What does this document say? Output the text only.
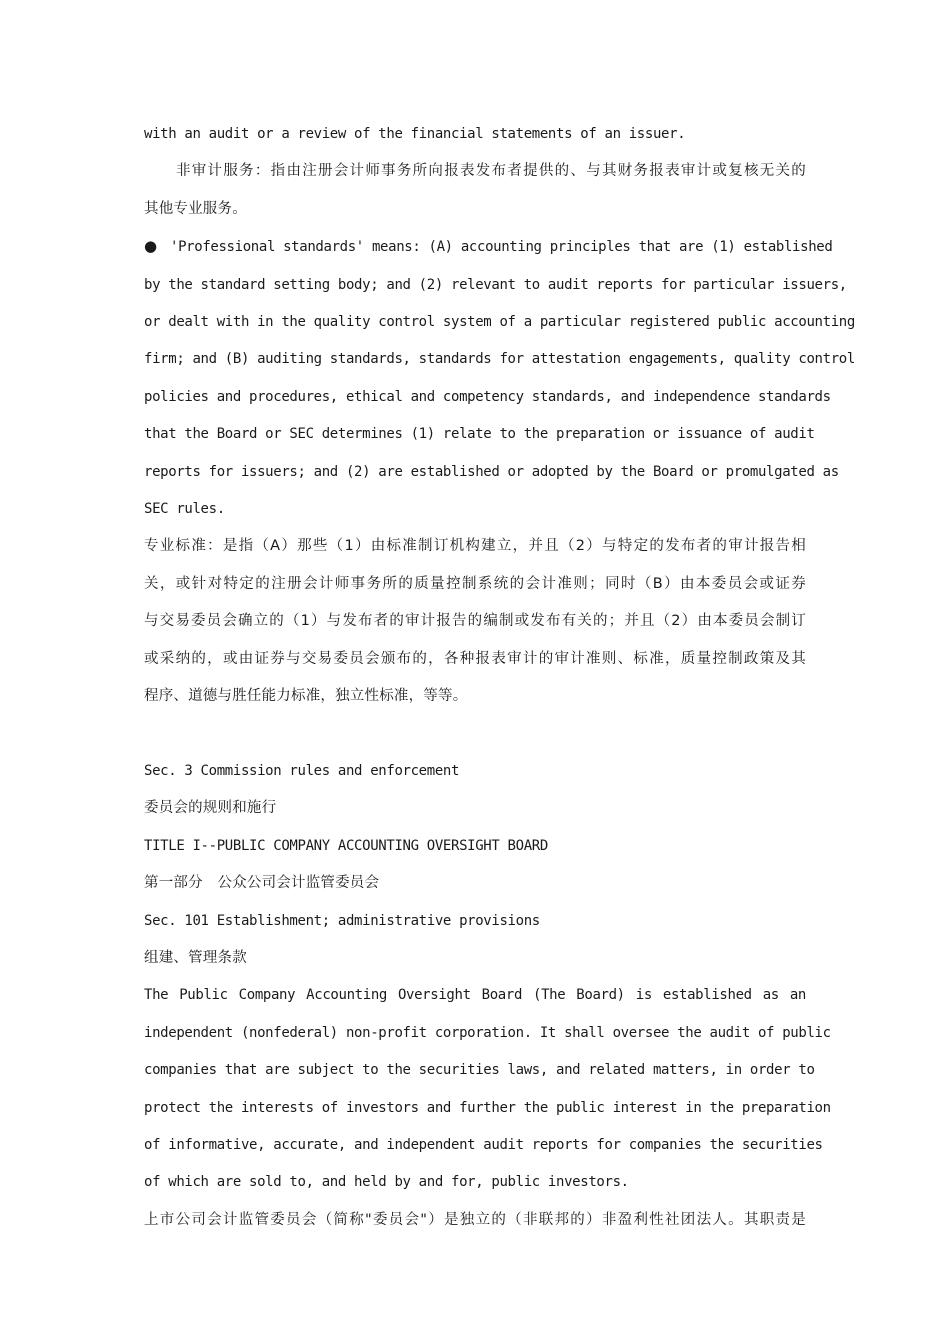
with an audit or a review of the financial statements of an issuer.
非审计服务：指由注册会计师事务所向报表发布者提供的、与其财务报表审计或复核无关的
其他专业服务。
● 'Professional standards' means: (A) accounting principles that are (1) established
by the standard setting body; and (2) relevant to audit reports for particular issuers,
or dealt with in the quality control system of a particular registered public accounting
firm; and (B) auditing standards, standards for attestation engagements, quality control
policies and procedures, ethical and competency standards, and independence standards
that the Board or SEC determines (1) relate to the preparation or issuance of audit
reports for issuers; and (2) are established or adopted by the Board or promulgated as
SEC rules.
专业标准：是指（A）那些（1）由标准制订机构建立，并且（2）与特定的发布者的审计报告相
关，或针对特定的注册会计师事务所的质量控制系统的会计准则；同时（B）由本委员会或证券
与交易委员会确立的（1）与发布者的审计报告的编制或发布有关的；并且（2）由本委员会制订
或采纳的，或由证券与交易委员会颁布的，各种报表审计的审计准则、标准，质量控制政策及其
程序、道德与胜任能力标准，独立性标准，等等。
Sec. 3 Commission rules and enforcement
委员会的规则和施行
TITLE I--PUBLIC COMPANY ACCOUNTING OVERSIGHT BOARD
第一部分　公众公司会计监管委员会
Sec. 101 Establishment; administrative provisions
组建、管理条款
The Public Company Accounting Oversight Board (The Board) is established as an
independent (nonfederal) non-profit corporation. It shall oversee the audit of public
companies that are subject to the securities laws, and related matters, in order to
protect the interests of investors and further the public interest in the preparation
of informative, accurate, and independent audit reports for companies the securities
of which are sold to, and held by and for, public investors.
上市公司会计监管委员会（简称"委员会"）是独立的（非联邦的）非盈利性社团法人。其职责是
